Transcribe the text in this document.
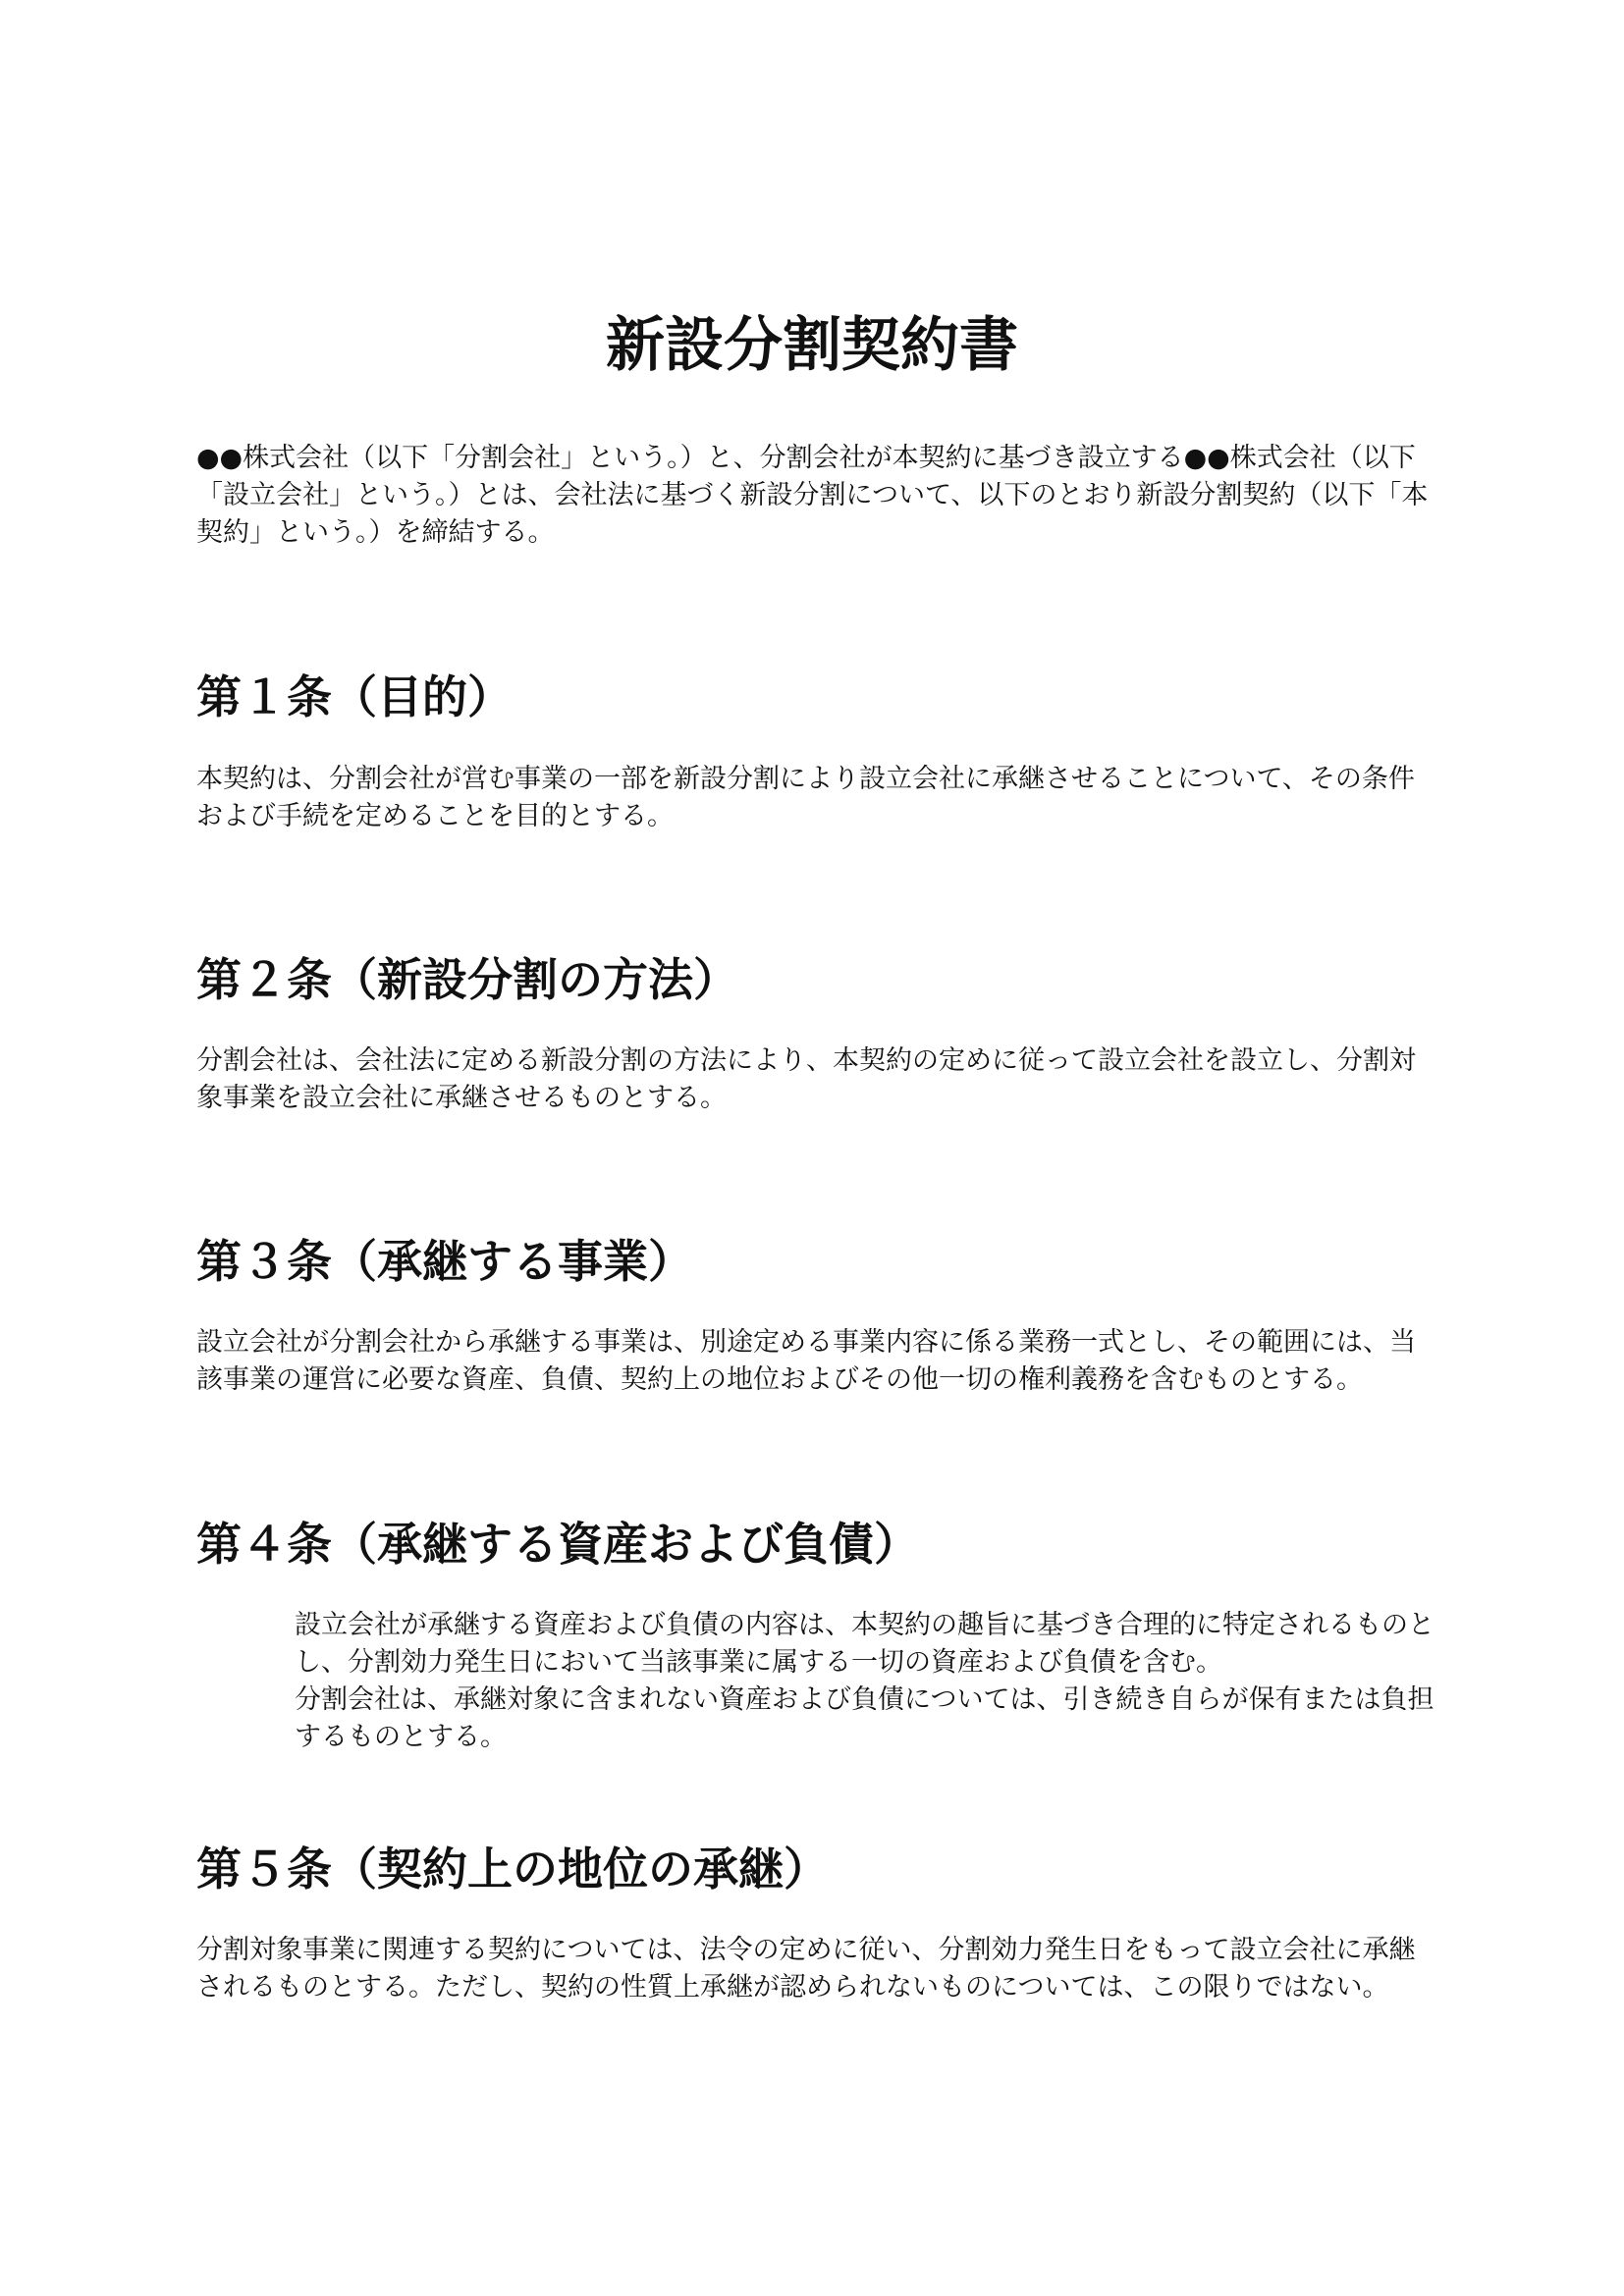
新設分割契約書

●●株式会社（以下「分割会社」という。）と、分割会社が本契約に基づき設立する●●株式会社（以下「設立会社」という。）とは、会社法に基づく新設分割について、以下のとおり新設分割契約（以下「本契約」という。）を締結する。

第１条（目的）

本契約は、分割会社が営む事業の一部を新設分割により設立会社に承継させることについて、その条件および手続を定めることを目的とする。

第２条（新設分割の方法）

分割会社は、会社法に定める新設分割の方法により、本契約の定めに従って設立会社を設立し、分割対象事業を設立会社に承継させるものとする。

第３条（承継する事業）

設立会社が分割会社から承継する事業は、別途定める事業内容に係る業務一式とし、その範囲には、当該事業の運営に必要な資産、負債、契約上の地位およびその他一切の権利義務を含むものとする。

第４条（承継する資産および負債）

設立会社が承継する資産および負債の内容は、本契約の趣旨に基づき合理的に特定されるものとし、分割効力発生日において当該事業に属する一切の資産および負債を含む。

分割会社は、承継対象に含まれない資産および負債については、引き続き自らが保有または負担するものとする。

第５条（契約上の地位の承継）

分割対象事業に関連する契約については、法令の定めに従い、分割効力発生日をもって設立会社に承継されるものとする。ただし、契約の性質上承継が認められないものについては、この限りではない。
